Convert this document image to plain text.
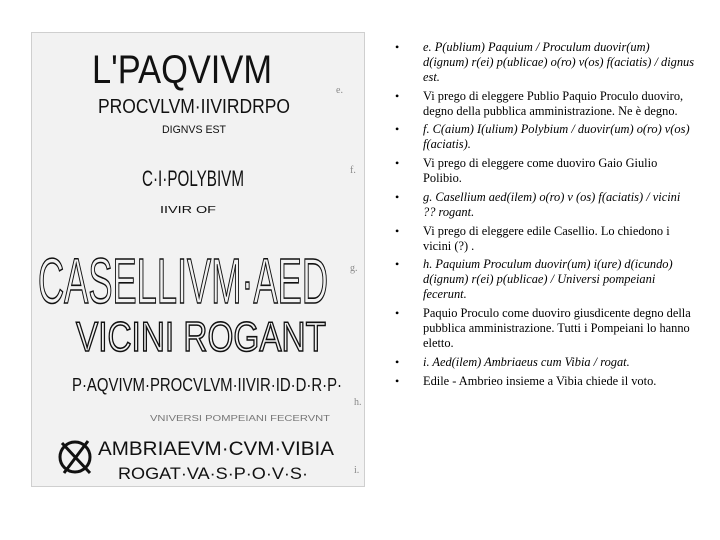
L'PAQVIVM
PROCVLVM·IIVIRDRPO
DIGNVS EST
e.
C·I·POLYBIVM
IIVIR OF
f.
CASELLIVM·AED
VICINI ROGANT
g.
P·AQVIVM·PROCVLVM·IIVIR·ID·D·R·P·
VNIVERSI POMPEIANI FECERVNT
h.
AMBRIAEVM·CVM·VIBIA
ROGAT·VA·S·P·O·V·S·	i.
• e. P(ublium) Paquium / Proculum duovir(um) d(ignum) r(ei) p(ublicae) o(ro) v(os) f(aciatis) / dignus est.
• Vi prego di eleggere Publio Paquio Proculo duoviro, degno della pubblica amministrazione. Ne è degno.
• f. C(aium) I(ulium) Polybium / duovir(um) o(ro) v(os) f(aciatis).
• Vi prego di eleggere come duoviro Gaio Giulio Polibio.
• g. Casellium aed(ilem) o(ro) v (os) f(aciatis) / vicini ?? rogant.
• Vi prego di eleggere edile Casellio. Lo chiedono i vicini (?) .
• h. Paquium Proculum duovir(um) i(ure) d(icundo) d(ignum) r(ei) p(ublicae) / Universi pompeiani fecerunt.
• Paquio Proculo come duoviro giusdicente degno della pubblica amministrazione. Tutti i Pompeiani lo hanno eletto.
• i. Aed(ilem) Ambriaeus cum Vibia / rogat.
• Edile - Ambrieo insieme a Vibia chiede il voto.
